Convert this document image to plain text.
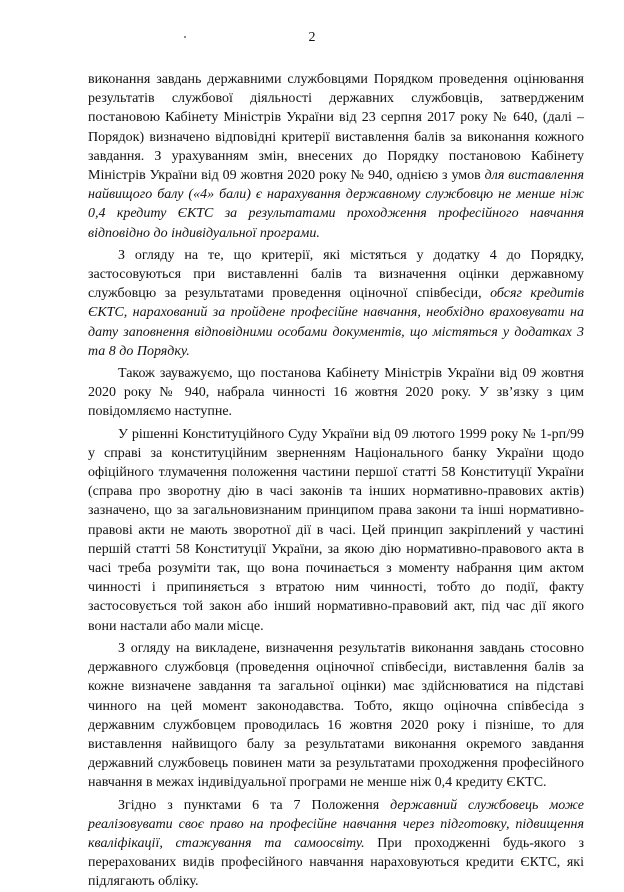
2

виконання завдань державними службовцями Порядком проведення оцінювання результатів службової діяльності державних службовців, затвердженим постановою Кабінету Міністрів України від 23 серпня 2017 року № 640, (далі – Порядок) визначено відповідні критерії виставлення балів за виконання кожного завдання. З урахуванням змін, внесених до Порядку постановою Кабінету Міністрів України від 09 жовтня 2020 року № 940, однією з умов для виставлення найвищого балу («4» бали) є нарахування державному службовцю не менше ніж 0,4 кредиту ЄКТС за результатами проходження професійного навчання відповідно до індивідуальної програми.

З огляду на те, що критерії, які містяться у додатку 4 до Порядку, застосовуються при виставленні балів та визначення оцінки державному службовцю за результатами проведення оціночної співбесіди, обсяг кредитів ЄКТС, нарахований за пройдене професійне навчання, необхідно враховувати на дату заповнення відповідними особами документів, що містяться у додатках 3 та 8 до Порядку.

Також зауважуємо, що постанова Кабінету Міністрів України від 09 жовтня 2020 року № 940, набрала чинності 16 жовтня 2020 року. У зв’язку з цим повідомляємо наступне.

У рішенні Конституційного Суду України від 09 лютого 1999 року № 1-рп/99 у справі за конституційним зверненням Національного банку України щодо офіційного тлумачення положення частини першої статті 58 Конституції України (справа про зворотну дію в часі законів та інших нормативно-правових актів) зазначено, що за загальновизнаним принципом права закони та інші нормативно-правові акти не мають зворотної дії в часі. Цей принцип закріплений у частині першій статті 58 Конституції України, за якою дію нормативно-правового акта в часі треба розуміти так, що вона починається з моменту набрання цим актом чинності і припиняється з втратою ним чинності, тобто до події, факту застосовується той закон або інший нормативно-правовий акт, під час дії якого вони настали або мали місце.

З огляду на викладене, визначення результатів виконання завдань стосовно державного службовця (проведення оціночної співбесіди, виставлення балів за кожне визначене завдання та загальної оцінки) має здійснюватися на підставі чинного на цей момент законодавства. Тобто, якщо оціночна співбесіда з державним службовцем проводилась 16 жовтня 2020 року і пізніше, то для виставлення найвищого балу за результатами виконання окремого завдання державний службовець повинен мати за результатами проходження професійного навчання в межах індивідуальної програми не менше ніж 0,4 кредиту ЄКТС.

Згідно з пунктами 6 та 7 Положення державний службовець може реалізовувати своє право на професійне навчання через підготовку, підвищення кваліфікації, стажування та самоосвіту. При проходженні будь-якого з перерахованих видів професійного навчання нараховуються кредити ЄКТС, які підлягають обліку.
